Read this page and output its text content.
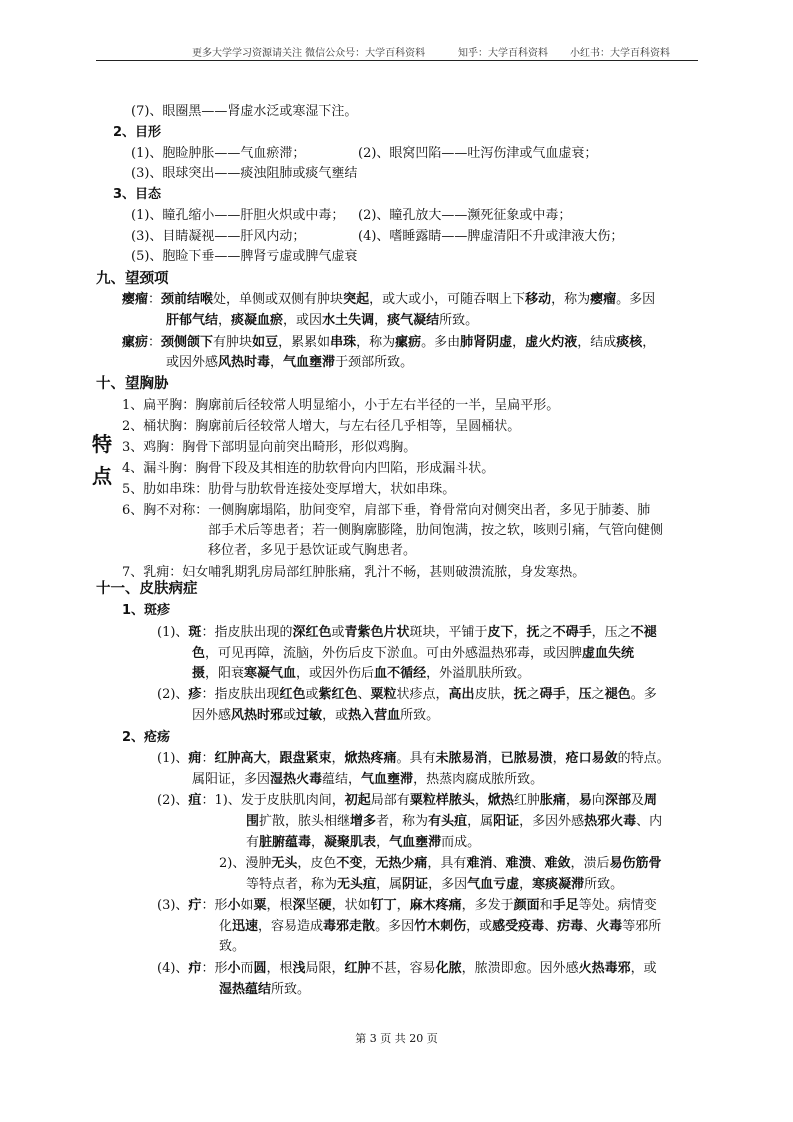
更多大学学习资源请关注 微信公众号：大学百科资料	知乎：大学百科资料 小红书：大学百科资料
(7)、眼圈黑——肾虚水泛或寒湿下注。
2、目形
(1)、胞睑肿胀——气血瘀滞；	(2)、眼窝凹陷——吐泻伤津或气血虚衰；
(3)、眼球突出——痰浊阻肺或痰气壅结
3、目态
(1)、瞳孔缩小——肝胆火炽或中毒； (2)、瞳孔放大——濒死征象或中毒；
(3)、目睛凝视——肝风内动；	(4)、嗜睡露睛——脾虚清阳不升或津液大伤；
(5)、胞睑下垂——脾肾亏虚或脾气虚衰
九、望颈项
瘿瘤：颈前结喉处，单侧或双侧有肿块突起，或大或小，可随吞咽上下移动，称为瘿瘤。多因
肝郁气结，痰凝血瘀，或因水土失调，痰气凝结所致。
瘰疬：颈侧颌下有肿块如豆，累累如串珠，称为瘰疬。多由肺肾阴虚，虚火灼液，结成痰核，
或因外感风热时毒，气血壅滞于颈部所致。
十、望胸胁
1、扁平胸：胸廓前后径较常人明显缩小，小于左右半径的一半，呈扁平形。
2、桶状胸：胸廓前后径较常人增大，与左右径几乎相等，呈圆桶状。
3、鸡胸：胸骨下部明显向前突出畸形，形似鸡胸。
4、漏斗胸：胸骨下段及其相连的肋软骨向内凹陷，形成漏斗状。
5、肋如串珠：肋骨与肋软骨连接处变厚增大，状如串珠。
6、胸不对称：一侧胸廓塌陷，肋间变窄，肩部下垂，脊骨常向对侧突出者，多见于肺萎、肺
部手术后等患者；若一侧胸廓膨隆，肋间饱满，按之软，咳则引痛，气管向健侧
移位者，多见于悬饮证或气胸患者。
7、乳痈：妇女哺乳期乳房局部红肿胀痛，乳汁不畅，甚则破溃流脓，身发寒热。
特
点
十一、皮肤病症
1、斑疹
(1)、斑：指皮肤出现的深红色或青紫色片状斑块，平铺于皮下，抚之不碍手，压之不褪
色，可见再障，流脑，外伤后皮下淤血。可由外感温热邪毒，或因脾虚血失统
摄，阳衰寒凝气血，或因外伤后血不循经，外溢肌肤所致。
(2)、疹：指皮肤出现红色或紫红色、粟粒状疹点，高出皮肤，抚之碍手，压之褪色。多
因外感风热时邪或过敏，或热入营血所致。
2、疮疡
(1)、痈：红肿高大，跟盘紧束，焮热疼痛。具有未脓易消，已脓易溃，疮口易敛的特点。
属阳证，多因湿热火毒蕴结，气血壅滞，热蒸肉腐成脓所致。
(2)、疽：1)、发于皮肤肌肉间，初起局部有粟粒样脓头，焮热红肿胀痛，易向深部及周
围扩散，脓头相继增多者，称为有头疽，属阳证，多因外感热邪火毒、内
有脏腑蕴毒，凝聚肌表，气血壅滞而成。
2)、漫肿无头，皮色不变，无热少痛，具有难消、难溃、难敛，溃后易伤筋骨
等特点者，称为无头疽，属阴证，多因气血亏虚，寒痰凝滞所致。
(3)、疔：形小如粟，根深坚硬，状如钉丁，麻木疼痛，多发于颜面和手足等处。病情变
化迅速，容易造成毒邪走散。多因竹木刺伤，或感受疫毒、疠毒、火毒等邪所
致。
(4)、疖：形小而圆，根浅局限，红肿不甚，容易化脓，脓溃即愈。因外感火热毒邪，或
湿热蕴结所致。
第 3 页 共 20 页
